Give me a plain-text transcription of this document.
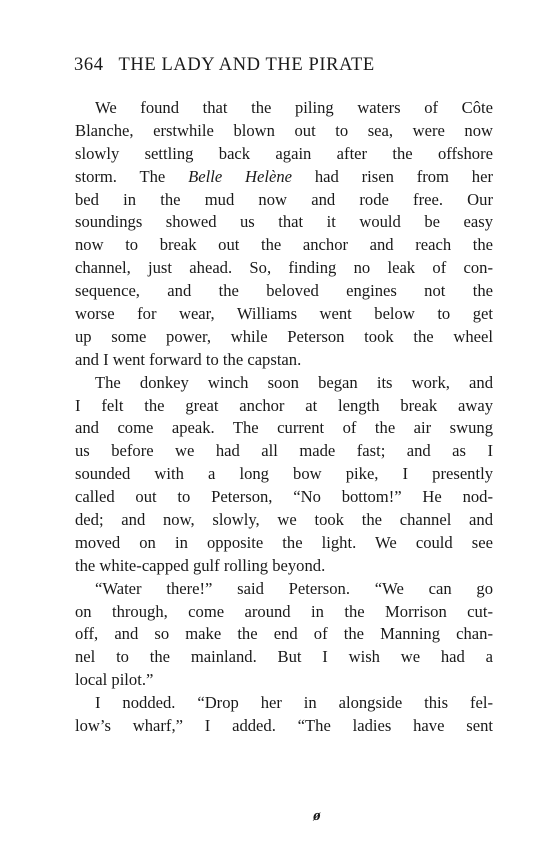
364 THE LADY AND THE PIRATE
We found that the piling waters of Côte
Blanche, erstwhile blown out to sea, were now
slowly settling back again after the offshore
storm. The Belle Helène had risen from her
bed in the mud now and rode free. Our
soundings showed us that it would be easy
now to break out the anchor and reach the
channel, just ahead. So, finding no leak of con-
sequence, and the beloved engines not the
worse for wear, Williams went below to get
up some power, while Peterson took the wheel
and I went forward to the capstan.
The donkey winch soon began its work, and
I felt the great anchor at length break away
and come apeak. The current of the air swung
us before we had all made fast; and as I
sounded with a long bow pike, I presently
called out to Peterson, “No bottom!” He nod-
ded; and now, slowly, we took the channel and
moved on in opposite the light. We could see
the white-capped gulf rolling beyond.
“Water there!” said Peterson. “We can go
on through, come around in the Morrison cut-
off, and so make the end of the Manning chan-
nel to the mainland. But I wish we had a
local pilot.”
I nodded. “Drop her in alongside this fel-
low’s wharf,” I added. “The ladies have sent
ø
